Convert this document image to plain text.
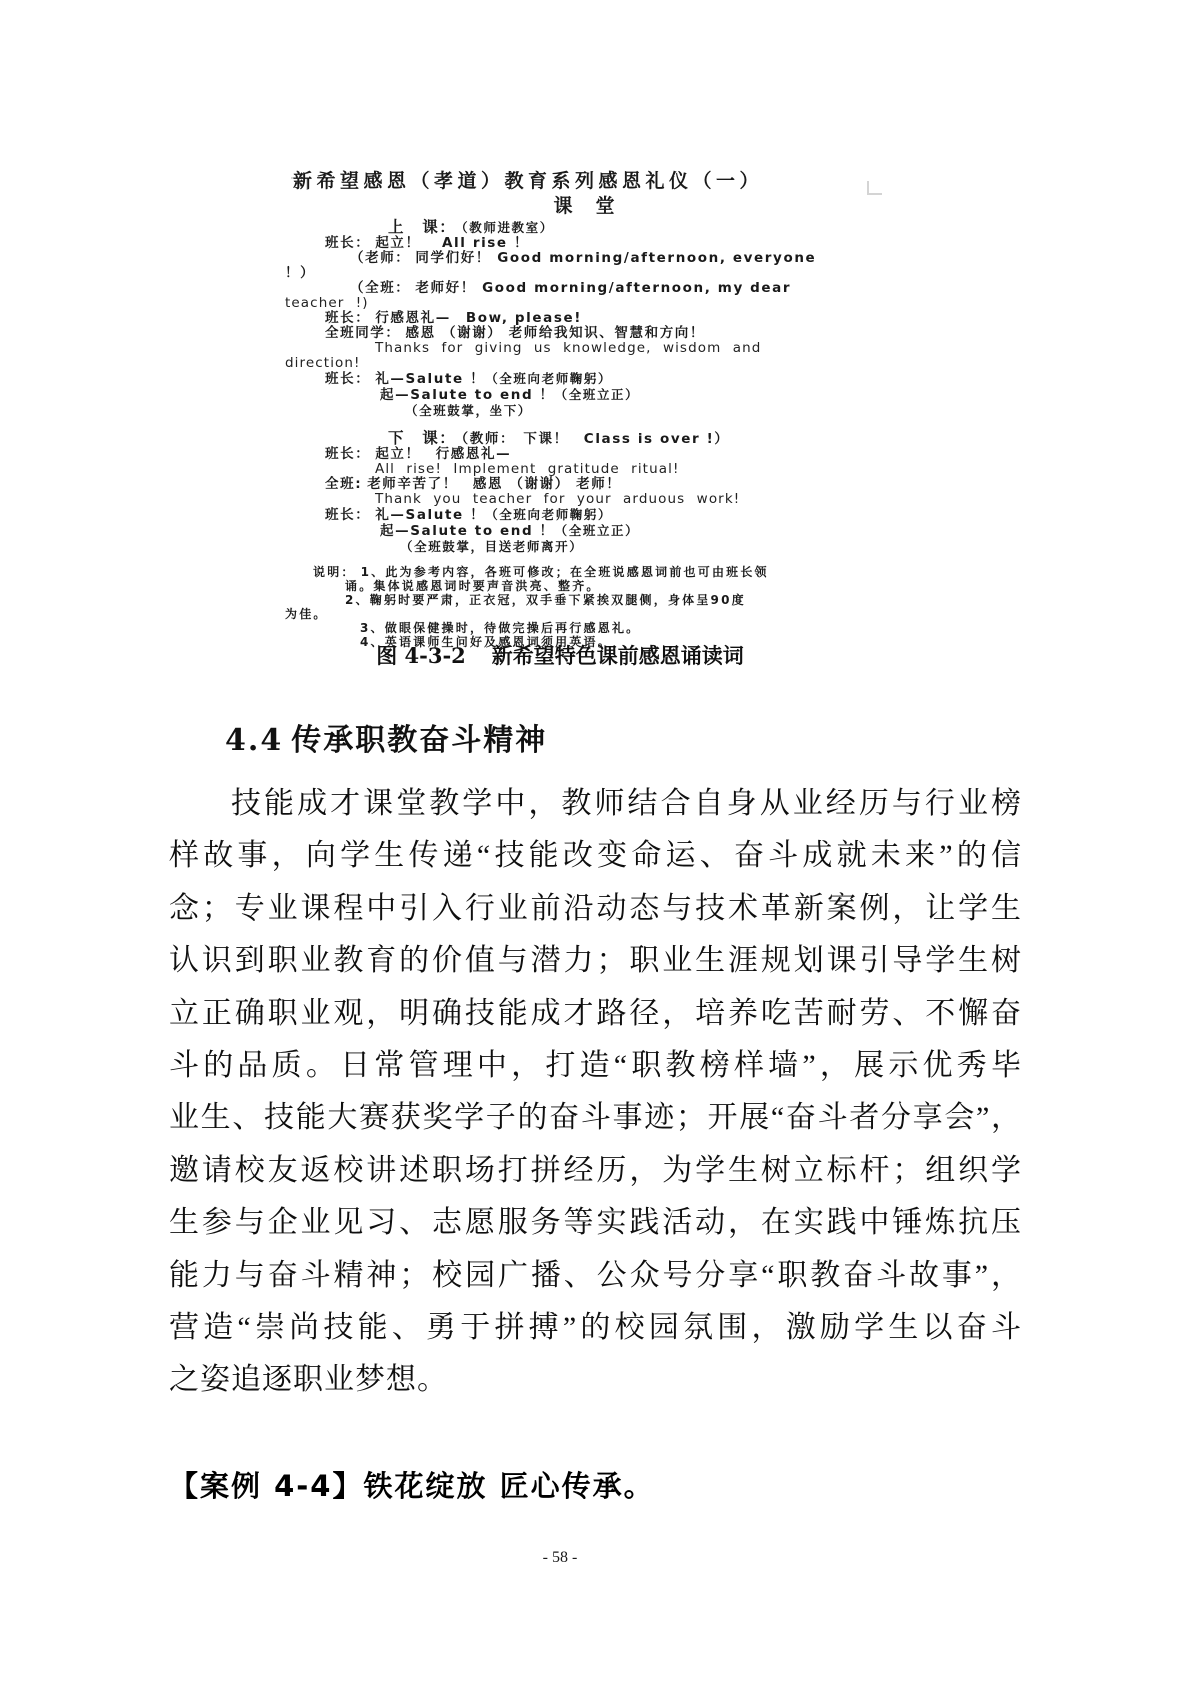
新希望感恩（孝道）教育系列感恩礼仪（一）
课　堂
上　课： （教师进教室）
班长： 起立！　 All rise ！
（老师： 同学们好！ Good morning/afternoon, everyone
！）
（全班： 老师好！ Good morning/afternoon, my dear
teacher !)
班长： 行感恩礼—　Bow, please!
全班同学： 感恩 （谢谢） 老师给我知识、智慧和方向！
Thanks for giving us knowledge, wisdom and
direction!
班长： 礼—Salute ！（全班向老师鞠躬）
起—Salute to end ！（全班立正）
（全班鼓掌，坐下）
下　课： （教师：　下课！　Class is over !）
班长： 起立！　行感恩礼—
All rise! Implement gratitude ritual!
全班: 老师辛苦了！　感恩 （谢谢） 老师！
Thank you teacher for your arduous work!
班长： 礼—Salute ！（全班向老师鞠躬）
起—Salute to end ！（全班立正）
（全班鼓掌，目送老师离开）
说明： 1、此为参考内容，各班可修改；在全班说感恩词前也可由班长领
诵。集体说感恩词时要声音洪亮、整齐。
2、鞠躬时要严肃，正衣冠，双手垂下紧挨双腿侧，身体呈90度
为佳。
3、做眼保健操时，待做完操后再行感恩礼。
4、英语课师生问好及感恩词须用英语。
图 4-3-2 新希望特色课前感恩诵读词
4.4 传承职教奋斗精神
技能成才课堂教学中，教师结合自身从业经历与行业榜
样故事，向学生传递“技能改变命运、奋斗成就未来”的信
念；专业课程中引入行业前沿动态与技术革新案例，让学生
认识到职业教育的价值与潜力；职业生涯规划课引导学生树
立正确职业观，明确技能成才路径，培养吃苦耐劳、不懈奋
斗的品质。日常管理中，打造“职教榜样墙”，展示优秀毕
业生、技能大赛获奖学子的奋斗事迹；开展“奋斗者分享会”，
邀请校友返校讲述职场打拼经历，为学生树立标杆；组织学
生参与企业见习、志愿服务等实践活动，在实践中锤炼抗压
能力与奋斗精神；校园广播、公众号分享“职教奋斗故事”，
营造“崇尚技能、勇于拼搏”的校园氛围，激励学生以奋斗
之姿追逐职业梦想。
【案例 4-4】铁花绽放 匠心传承。
- 58 -
